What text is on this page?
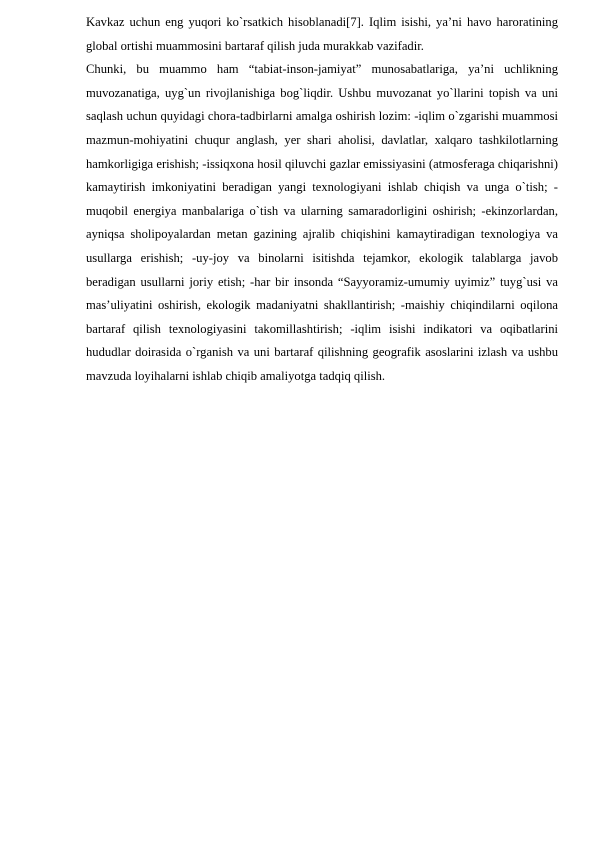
Kavkaz uchun eng yuqori ko`rsatkich hisoblanadi[7]. Iqlim isishi, ya’ni havo haroratining global ortishi muammosini bartaraf qilish juda murakkab vazifadir.

Chunki, bu muammo ham “tabiat-inson-jamiyat” munosabatlariga, ya’ni uchlikning muvozanatiga, uyg`un rivojlanishiga bog`liqdir. Ushbu muvozanat yo`llarini topish va uni saqlash uchun quyidagi chora-tadbirlarni amalga oshirish lozim: -iqlim o`zgarishi muammosi mazmun-mohiyatini chuqur anglash, yer shari aholisi, davlatlar, xalqaro tashkilotlarning hamkorligiga erishish; -issiqxona hosil qiluvchi gazlar emissiyasini (atmosferaga chiqarishni) kamaytirish imkoniyatini beradigan yangi texnologiyani ishlab chiqish va unga o`tish; - muqobil energiya manbalariga o`tish va ularning samaradorligini oshirish; -ekinzorlardan, ayniqsa sholipoyalardan metan gazining ajralib chiqishini kamaytiradigan texnologiya va usullarga erishish; -uy-joy va binolarni isitishda tejamkor, ekologik talablarga javob beradigan usullarni joriy etish; -har bir insonda “Sayyoramiz-umumiy uyimiz” tuyg`usi va mas’uliyatini oshirish, ekologik madaniyatni shakllantirish; -maishiy chiqindilarni oqilona bartaraf qilish texnologiyasini takomillashtirish; -iqlim isishi indikatori va oqibatlarini hududlar doirasida o`rganish va uni bartaraf qilishning geografik asoslarini izlash va ushbu mavzuda loyihalarni ishlab chiqib amaliyotga tadqiq qilish.
